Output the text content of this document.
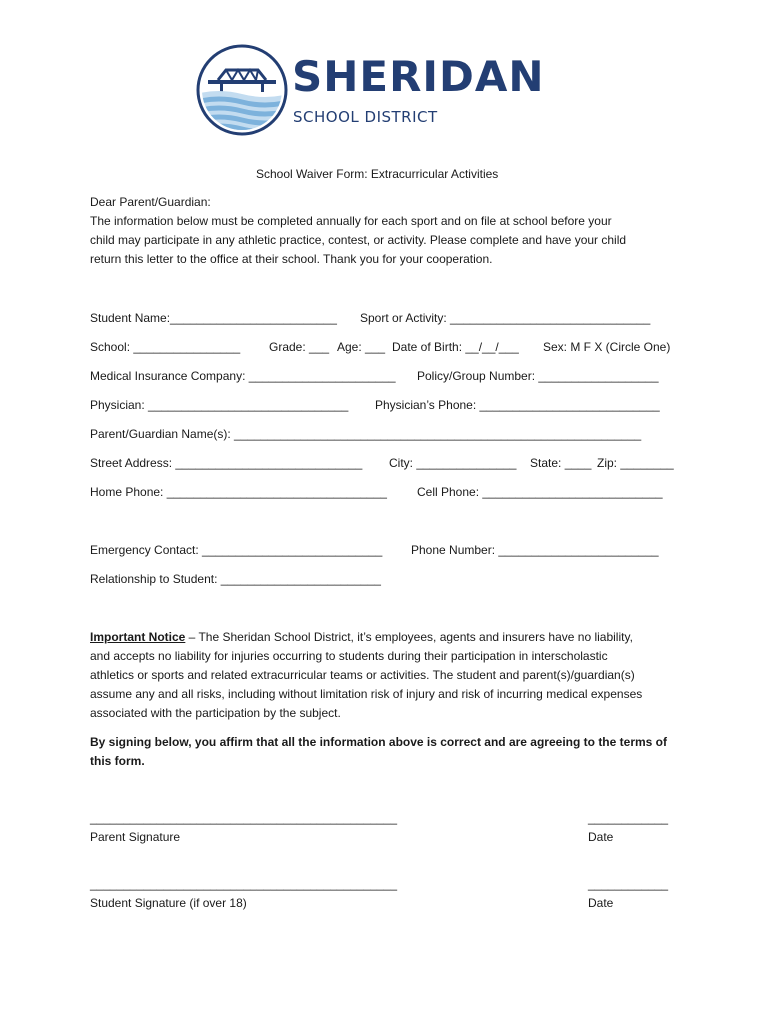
SHERIDAN
SCHOOL DISTRICT
School Waiver Form: Extracurricular Activities
Dear Parent/Guardian:
The information below must be completed annually for each sport and on file at school before your
child may participate in any athletic practice, contest, or activity. Please complete and have your child
return this letter to the office at their school. Thank you for your cooperation.
Student Name:_________________________ Sport or Activity: ______________________________
School: ________________ Grade: ___ Age: ___ Date of Birth: __/__/___ Sex: M F X (Circle One)
Medical Insurance Company: ______________________ Policy/Group Number: __________________
Physician: ______________________________ Physician’s Phone: ___________________________
Parent/Guardian Name(s): _____________________________________________________________
Street Address: ____________________________ City: _______________ State: ____ Zip: ________
Home Phone: _________________________________	Cell Phone: ___________________________
Emergency Contact: ___________________________ Phone Number: ________________________
Relationship to Student: ________________________
Important Notice – The Sheridan School District, it’s employees, agents and insurers have no liability,
and accepts no liability for injuries occurring to students during their participation in interscholastic
athletics or sports and related extracurricular teams or activities. The student and parent(s)/guardian(s)
assume any and all risks, including without limitation risk of injury and risk of incurring medical expenses
associated with the participation by the subject.
By signing below, you affirm that all the information above is correct and are agreeing to the terms of
this form.
______________________________________________	____________
Parent Signature	Date
______________________________________________	____________
Student Signature (if over 18)	Date
